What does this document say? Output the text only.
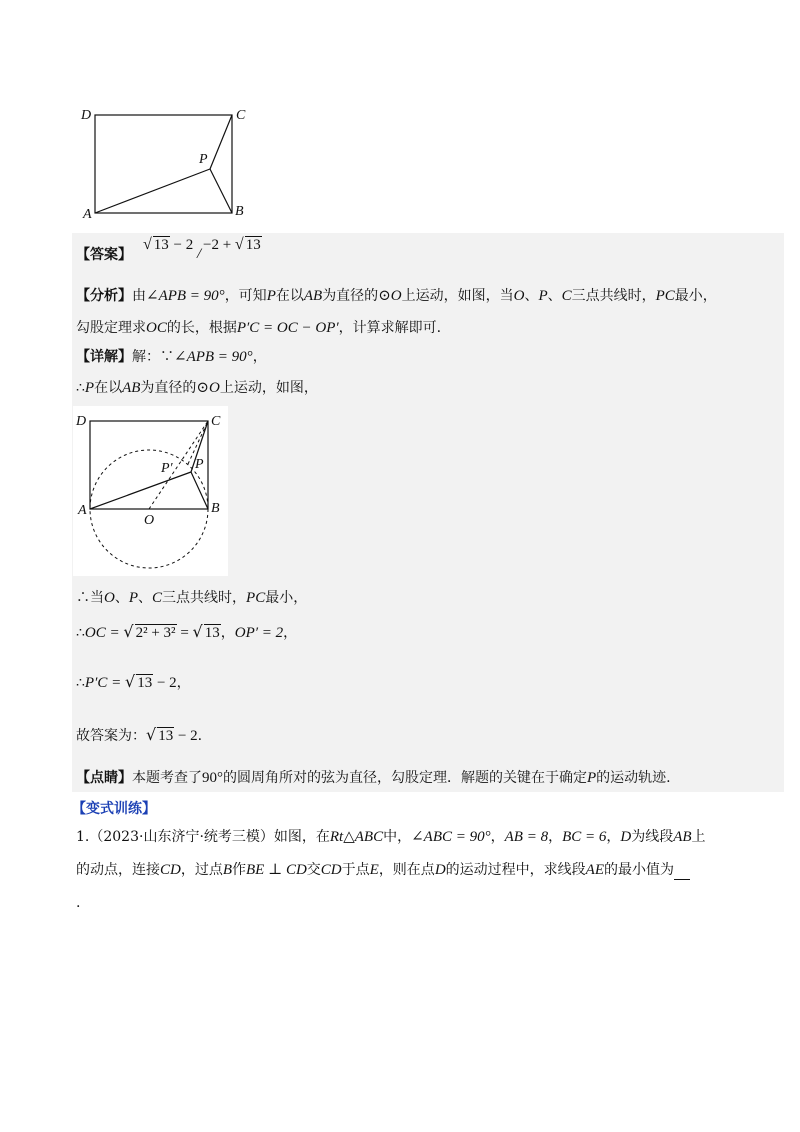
D	C
P
A	B
【答案】
√ 13 − 2
/
−2 + √ 13
【分析】由∠APB = 90°，可知P在以AB为直径的⊙O上运动，如图，当O、P、C三点共线时，PC最小，
勾股定理求OC的长，根据P′C = OC − OP′，计算求解即可.
【详解】解：∵∠APB = 90°，
∴P在以AB为直径的⊙O上运动，如图，
D	C
P′ P
A	B
O
∴当O、P、C三点共线时，PC最小，
∴OC = √ 2² + 3² = √ 13，OP′ = 2，
∴P′C = √ 13 − 2，
故答案为：√ 13 − 2.
【点睛】本题考查了90°的圆周角所对的弦为直径，勾股定理．解题的关键在于确定P的运动轨迹.
【变式训练】
1.（2023·山东济宁·统考三模）如图，在Rt△ABC中，∠ABC = 90°，AB = 8，BC = 6，D为线段AB上
的动点，连接CD，过点B作BE ⊥ CD交CD于点E，则在点D的运动过程中，求线段AE的最小值为
.
